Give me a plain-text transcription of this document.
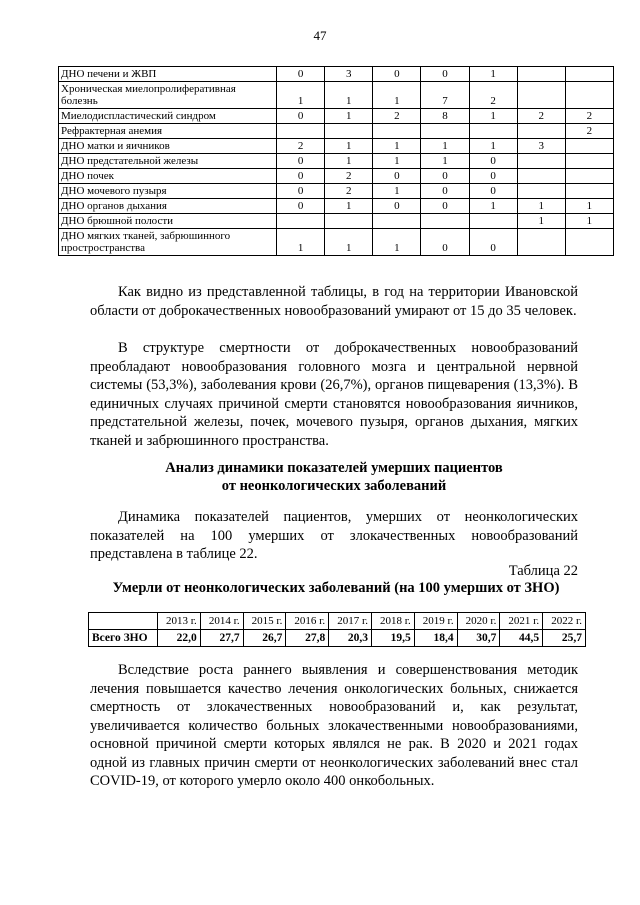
47
ДНО печени и ЖВП	0	3	0	0	1		
Хроническая миелопролиферативная болезнь	1	1	1	7	2		
Миелодиспластический синдром	0	1	2	8	1	2	2
Рефрактерная анемия							2
ДНО матки и яичников	2	1	1	1	1	3	
ДНО предстательной железы	0	1	1	1	0		
ДНО почек	0	2	0	0	0		
ДНО мочевого пузыря	0	2	1	0	0		
ДНО органов дыхания	0	1	0	0	1	1	1
ДНО брюшной полости						1	1
ДНО мягких тканей, забрюшинного простространства	1	1	1	0	0		

Как видно из представленной таблицы, в год на территории Ивановской области от доброкачественных новообразований умирают от 15 до 35 человек.

В структуре смертности от доброкачественных новообразований преобладают новообразования головного мозга и центральной нервной системы (53,3%), заболевания крови (26,7%), органов пищеварения (13,3%). В единичных случаях причиной смерти становятся новообразования яичников, предстательной железы, почек, мочевого пузыря, органов дыхания, мягких тканей и забрюшинного пространства.

Анализ динамики показателей умерших пациентов
от неонкологических заболеваний

Динамика показателей пациентов, умерших от неонкологических показателей на 100 умерших от злокачественных новообразований представлена в таблице 22.

Таблица 22
Умерли от неонкологических заболеваний (на 100 умерших от ЗНО)
	2013 г.	2014 г.	2015 г.	2016 г.	2017 г.	2018 г.	2019 г.	2020 г.	2021 г.	2022 г.
Всего ЗНО	22,0	27,7	26,7	27,8	20,3	19,5	18,4	30,7	44,5	25,7

Вследствие роста раннего выявления и совершенствования методик лечения повышается качество лечения онкологических больных, снижается смертность от злокачественных новообразований и, как результат, увеличивается количество больных злокачественными новообразованиями, основной причиной смерти которых являлся не рак. В 2020 и 2021 годах одной из главных причин смерти от неонкологических заболеваний внес стал COVID-19, от которого умерло около 400 онкобольных.
